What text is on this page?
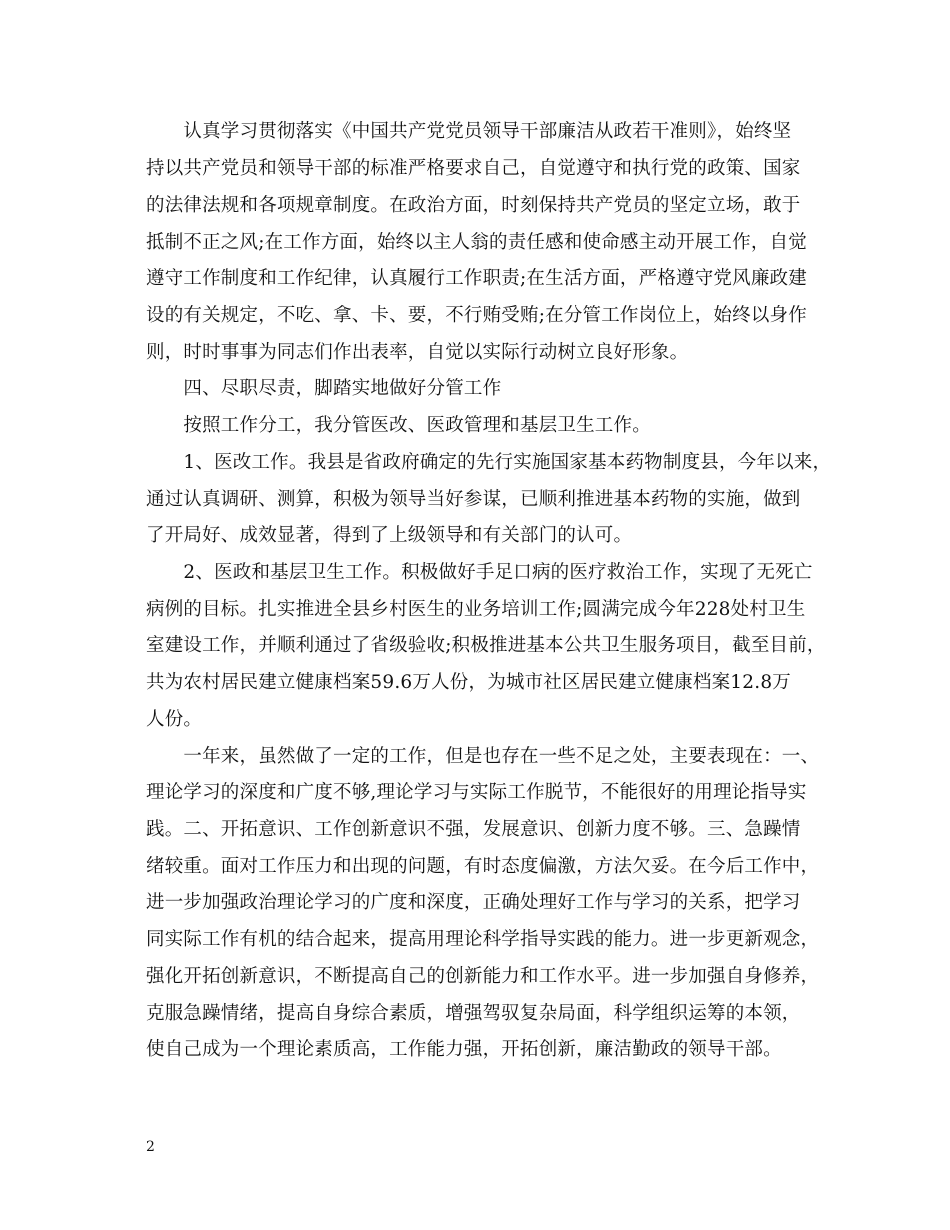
　　认真学习贯彻落实《中国共产党党员领导干部廉洁从政若干准则》，始终坚
持以共产党员和领导干部的标准严格要求自己，自觉遵守和执行党的政策、国家
的法律法规和各项规章制度。在政治方面，时刻保持共产党员的坚定立场，敢于
抵制不正之风;在工作方面，始终以主人翁的责任感和使命感主动开展工作，自觉
遵守工作制度和工作纪律，认真履行工作职责;在生活方面，严格遵守党风廉政建
设的有关规定，不吃、拿、卡、要，不行贿受贿;在分管工作岗位上，始终以身作
则，时时事事为同志们作出表率，自觉以实际行动树立良好形象。
　　四、尽职尽责，脚踏实地做好分管工作
　　按照工作分工，我分管医改、医政管理和基层卫生工作。
　　1、医改工作。我县是省政府确定的先行实施国家基本药物制度县，今年以来，
通过认真调研、测算，积极为领导当好参谋，已顺利推进基本药物的实施，做到
了开局好、成效显著，得到了上级领导和有关部门的认可。
　　2、医政和基层卫生工作。积极做好手足口病的医疗救治工作，实现了无死亡
病例的目标。扎实推进全县乡村医生的业务培训工作;圆满完成今年228处村卫生
室建设工作，并顺利通过了省级验收;积极推进基本公共卫生服务项目，截至目前，
共为农村居民建立健康档案59.6万人份，为城市社区居民建立健康档案12.8万
人份。
　　一年来，虽然做了一定的工作，但是也存在一些不足之处，主要表现在：一、
理论学习的深度和广度不够,理论学习与实际工作脱节，不能很好的用理论指导实
践。二、开拓意识、工作创新意识不强，发展意识、创新力度不够。三、急躁情
绪较重。面对工作压力和出现的问题，有时态度偏激，方法欠妥。在今后工作中，
进一步加强政治理论学习的广度和深度，正确处理好工作与学习的关系，把学习
同实际工作有机的结合起来，提高用理论科学指导实践的能力。进一步更新观念，
强化开拓创新意识，不断提高自己的创新能力和工作水平。进一步加强自身修养，
克服急躁情绪，提高自身综合素质，增强驾驭复杂局面，科学组织运筹的本领，
使自己成为一个理论素质高，工作能力强，开拓创新，廉洁勤政的领导干部。
2
